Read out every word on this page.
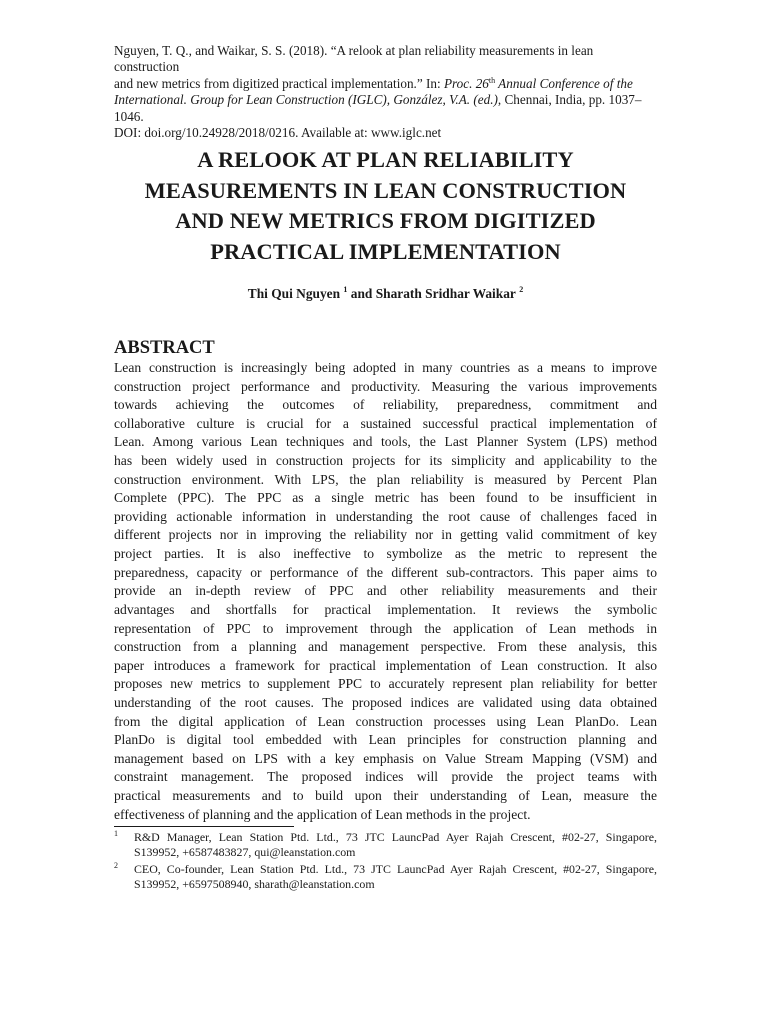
Nguyen, T. Q., and Waikar, S. S. (2018). “A relook at plan reliability measurements in lean construction
and new metrics from digitized practical implementation.” In: Proc. 26th Annual Conference of the
International. Group for Lean Construction (IGLC), González, V.A. (ed.), Chennai, India, pp. 1037–1046.
DOI: doi.org/10.24928/2018/0216. Available at: www.iglc.net
A RELOOK AT PLAN RELIABILITY
MEASUREMENTS IN LEAN CONSTRUCTION
AND NEW METRICS FROM DIGITIZED
PRACTICAL IMPLEMENTATION
Thi Qui Nguyen $^1$ and Sharath Sridhar Waikar $^2$
ABSTRACT
Lean construction is increasingly being adopted in many countries as a means to improve
construction project performance and productivity. Measuring the various improvements
towards achieving the outcomes of reliability, preparedness, commitment and
collaborative culture is crucial for a sustained successful practical implementation of
Lean. Among various Lean techniques and tools, the Last Planner System (LPS) method
has been widely used in construction projects for its simplicity and applicability to the
construction environment. With LPS, the plan reliability is measured by Percent Plan
Complete (PPC). The PPC as a single metric has been found to be insufficient in
providing actionable information in understanding the root cause of challenges faced in
different projects nor in improving the reliability nor in getting valid commitment of key
project parties. It is also ineffective to symbolize as the metric to represent the
preparedness, capacity or performance of the different sub-contractors. This paper aims to
provide an in-depth review of PPC and other reliability measurements and their
advantages and shortfalls for practical implementation. It reviews the symbolic
representation of PPC to improvement through the application of Lean methods in
construction from a planning and management perspective. From these analysis, this
paper introduces a framework for practical implementation of Lean construction. It also
proposes new metrics to supplement PPC to accurately represent plan reliability for better
understanding of the root causes. The proposed indices are validated using data obtained
from the digital application of Lean construction processes using Lean PlanDo. Lean
PlanDo is digital tool embedded with Lean principles for construction planning and
management based on LPS with a key emphasis on Value Stream Mapping (VSM) and
constraint management. The proposed indices will provide the project teams with
practical measurements and to build upon their understanding of Lean, measure the
effectiveness of planning and the application of Lean methods in the project.
1 R&D Manager, Lean Station Ptd. Ltd., 73 JTC LauncPad Ayer Rajah Crescent, #02-27, Singapore,
S139952, +6587483827, qui@leanstation.com
2 CEO, Co-founder, Lean Station Ptd. Ltd., 73 JTC LauncPad Ayer Rajah Crescent, #02-27, Singapore,
S139952, +6597508940, sharath@leanstation.com
